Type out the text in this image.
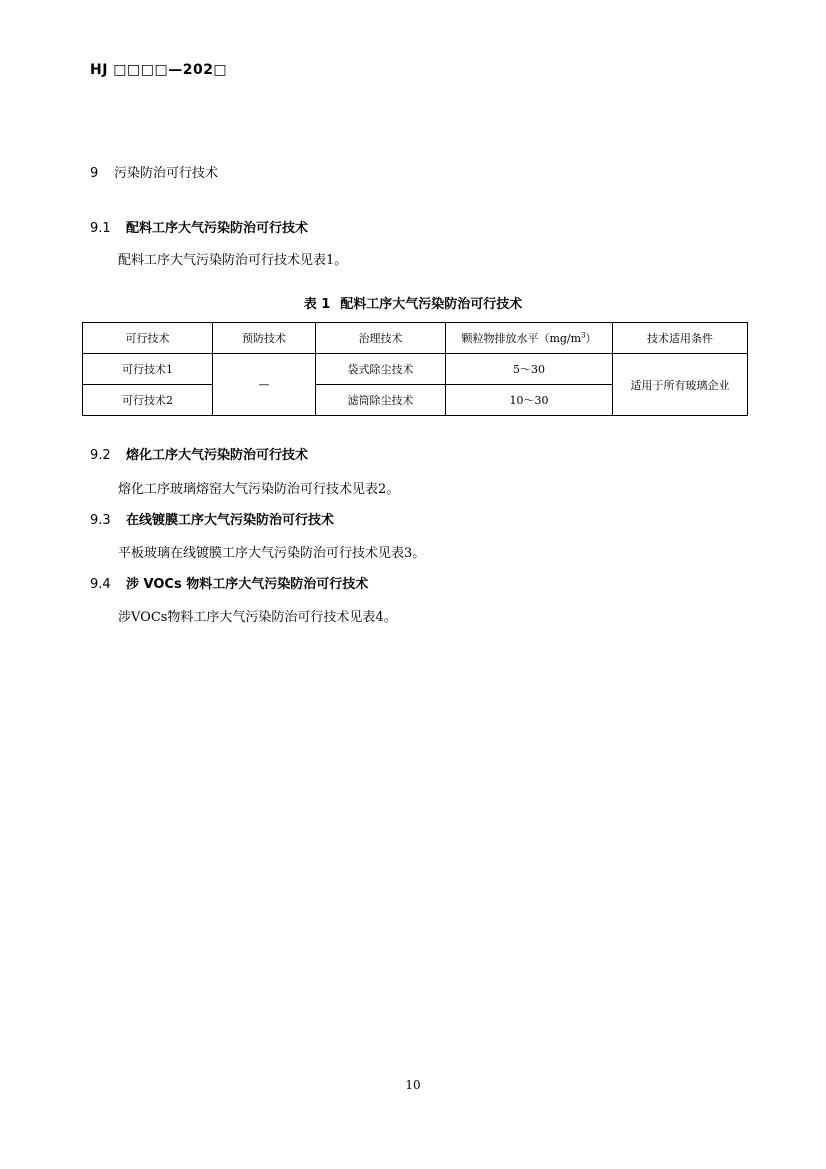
HJ □□□□—202□
9 污染防治可行技术
9.1 配料工序大气污染防治可行技术
配料工序大气污染防治可行技术见表1。
表 1 配料工序大气污染防治可行技术
可行技术	预防技术	治理技术	颗粒物排放水平$(mg/m^3)$	技术适用条件
可行技术1	—	袋式除尘技术	5～30	适用于所有玻璃企业
可行技术2		滤筒除尘技术	10～30	
9.2 熔化工序大气污染防治可行技术
熔化工序玻璃熔窑大气污染防治可行技术见表2。
9.3 在线镀膜工序大气污染防治可行技术
平板玻璃在线镀膜工序大气污染防治可行技术见表3。
9.4 涉 VOCs 物料工序大气污染防治可行技术
涉VOCs物料工序大气污染防治可行技术见表4。
10
